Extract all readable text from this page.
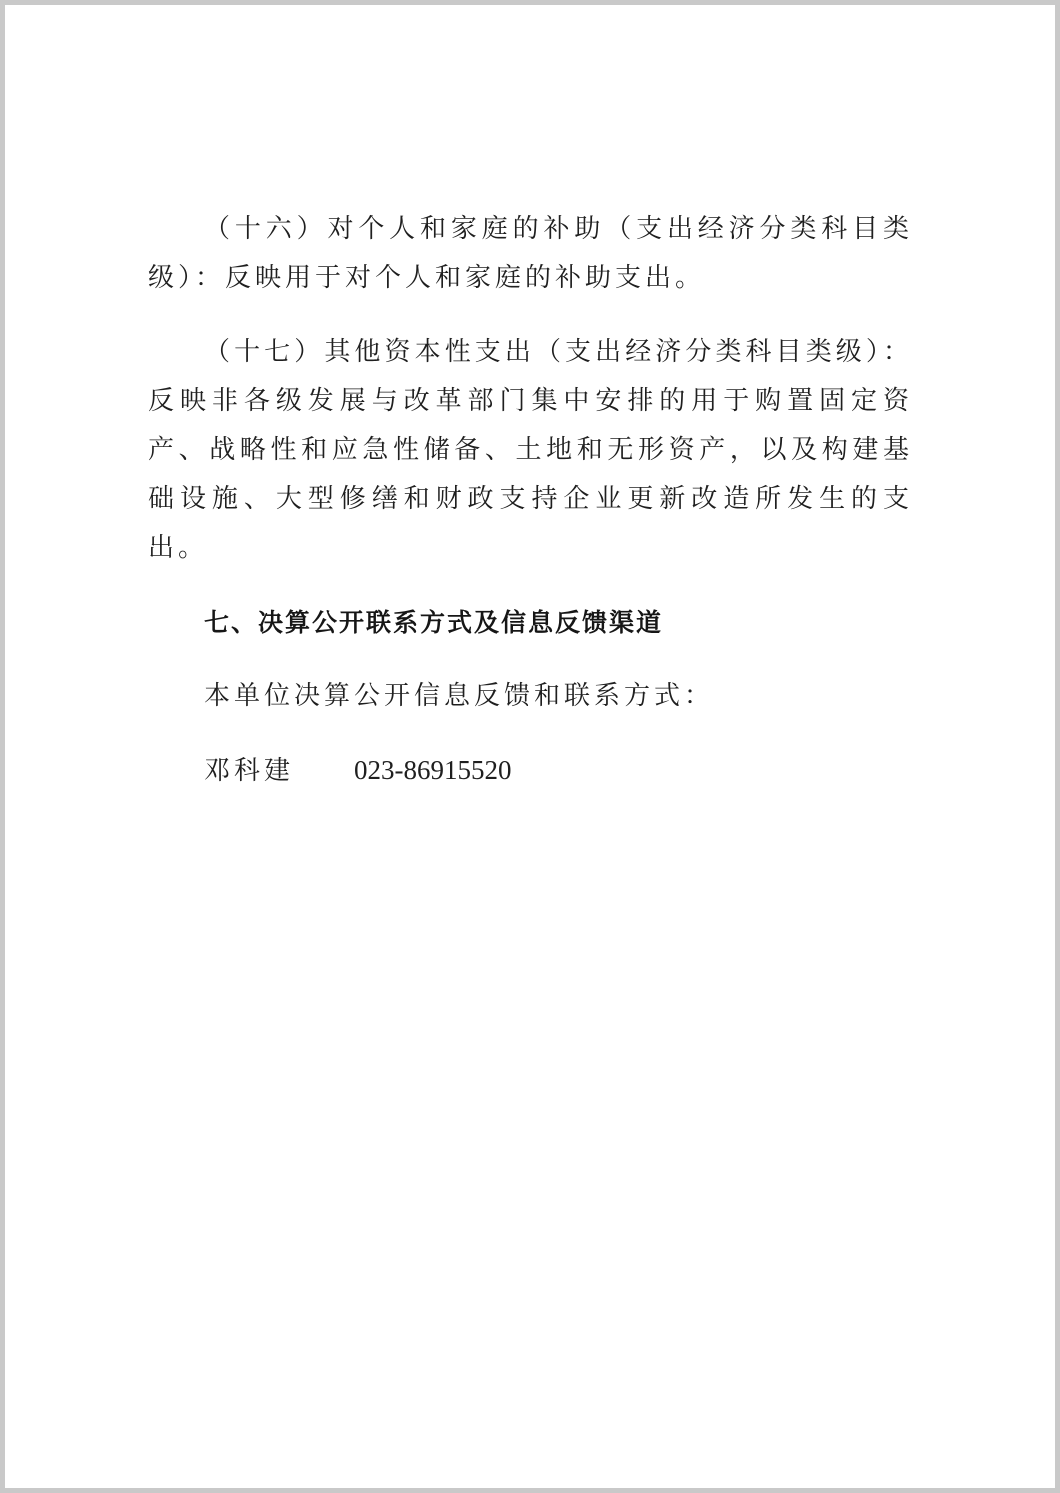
（十六）对个人和家庭的补助（支出经济分类科目类级）：反映用于对个人和家庭的补助支出。

（十七）其他资本性支出（支出经济分类科目类级）：反映非各级发展与改革部门集中安排的用于购置固定资产、战略性和应急性储备、土地和无形资产，以及构建基础设施、大型修缮和财政支持企业更新改造所发生的支出。

七、决算公开联系方式及信息反馈渠道

本单位决算公开信息反馈和联系方式：

邓科建 023-86915520
